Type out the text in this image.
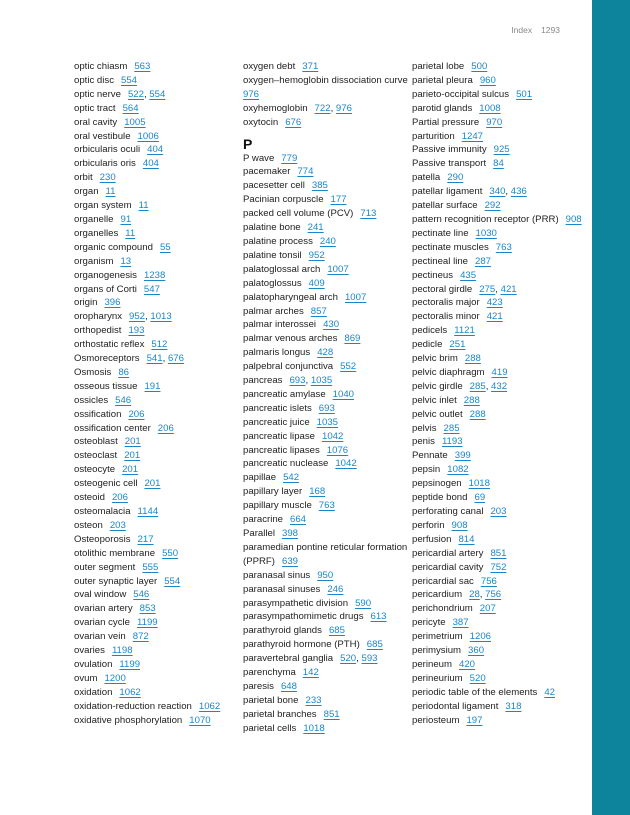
Index 1293
optic chiasm 563
optic disc 554
optic nerve 522, 554
optic tract 564
oral cavity 1005
oral vestibule 1006
orbicularis oculi 404
orbicularis oris 404
orbit 230
organ 11
organ system 11
organelle 91
organelles 11
organic compound 55
organism 13
organogenesis 1238
organs of Corti 547
origin 396
oropharynx 952, 1013
orthopedist 193
orthostatic reflex 512
Osmoreceptors 541, 676
Osmosis 86
osseous tissue 191
ossicles 546
ossification 206
ossification center 206
osteoblast 201
osteoclast 201
osteocyte 201
osteogenic cell 201
osteoid 206
osteomalacia 1144
osteon 203
Osteoporosis 217
otolithic membrane 550
outer segment 555
outer synaptic layer 554
oval window 546
ovarian artery 853
ovarian cycle 1199
ovarian vein 872
ovaries 1198
ovulation 1199
ovum 1200
oxidation 1062
oxidation-reduction reaction 1062
oxidative phosphorylation 1070
oxygen debt 371
oxygen–hemoglobin dissociation curve976
oxyhemoglobin 722, 976
oxytocin 676
P
P wave 779
pacemaker 774
pacesetter cell 385
Pacinian corpuscle 177
packed cell volume (PCV) 713
palatine bone 241
palatine process 240
palatine tonsil 952
palatoglossal arch 1007
palatoglossus 409
palatopharyngeal arch 1007
palmar arches 857
palmar interossei 430
palmar venous arches 869
palmaris longus 428
palpebral conjunctiva 552
pancreas 693, 1035
pancreatic amylase 1040
pancreatic islets 693
pancreatic juice 1035
pancreatic lipase 1042
pancreatic lipases 1076
pancreatic nuclease 1042
papillae 542
papillary layer 168
papillary muscle 763
paracrine 664
Parallel 398
paramedian pontine reticular formation (PPRF) 639
paranasal sinus 950
paranasal sinuses 246
parasympathetic division 590
parasympathomimetic drugs 613
parathyroid glands 685
parathyroid hormone (PTH) 685
paravertebral ganglia 520, 593
parenchyma 142
paresis 648
parietal bone 233
parietal branches 851
parietal cells 1018
parietal lobe 500
parietal pleura 960
parieto-occipital sulcus 501
parotid glands 1008
Partial pressure 970
parturition 1247
Passive immunity 925
Passive transport 84
patella 290
patellar ligament 340, 436
patellar surface 292
pattern recognition receptor (PRR) 908
pectinate line 1030
pectinate muscles 763
pectineal line 287
pectineus 435
pectoral girdle 275, 421
pectoralis major 423
pectoralis minor 421
pedicels 1121
pedicle 251
pelvic brim 288
pelvic diaphragm 419
pelvic girdle 285, 432
pelvic inlet 288
pelvic outlet 288
pelvis 285
penis 1193
Pennate 399
pepsin 1082
pepsinogen 1018
peptide bond 69
perforating canal 203
perforin 908
perfusion 814
pericardial artery 851
pericardial cavity 752
pericardial sac 756
pericardium 28, 756
perichondrium 207
pericyte 387
perimetrium 1206
perimysium 360
perineum 420
perineurium 520
periodic table of the elements 42
periodontal ligament 318
periosteum 197
